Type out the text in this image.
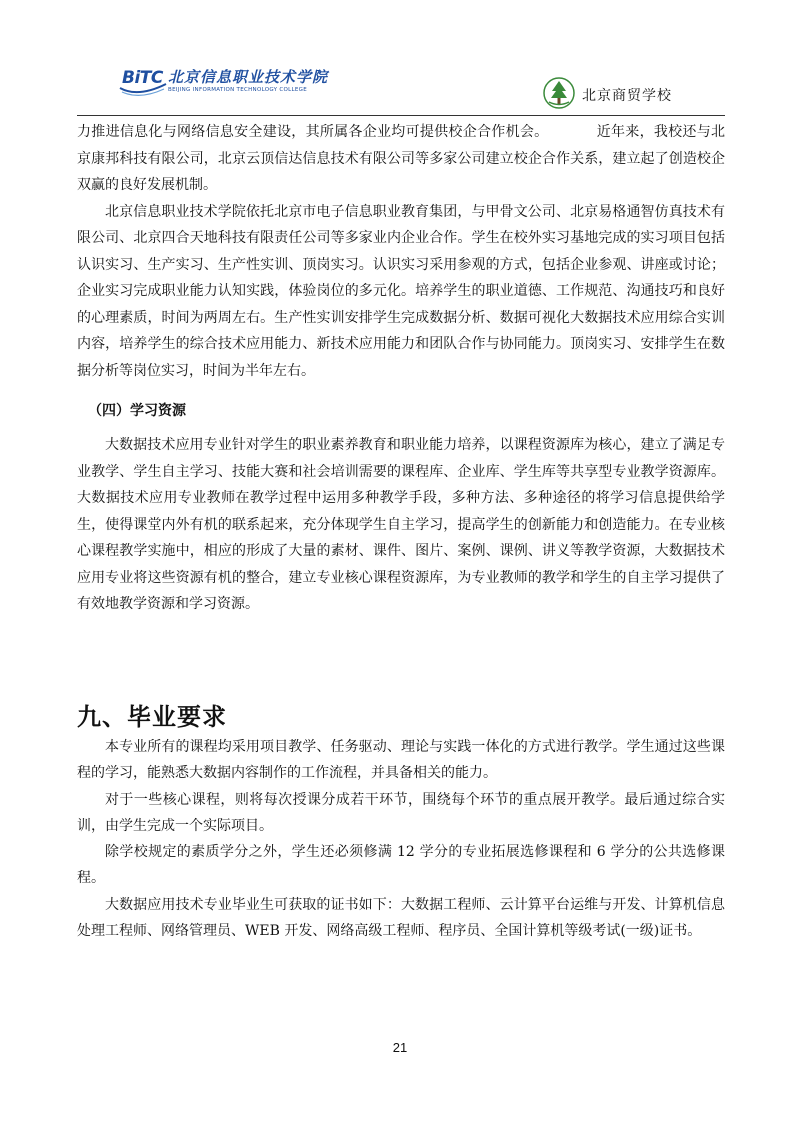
BiTC 北京信息职业技术学院
BEIJING INFORMATION TECHNOLOGY COLLEGE	北京商贸学校

力推进信息化与网络信息安全建设，其所属各企业均可提供校企合作机会。	近年来，我校还与北京康邦科技有限公司，北京云顶信达信息技术有限公司等多家公司建立校企合作关系，建立起了创造校企双赢的良好发展机制。

北京信息职业技术学院依托北京市电子信息职业教育集团，与甲骨文公司、北京易格通智仿真技术有限公司、北京四合天地科技有限责任公司等多家业内企业合作。学生在校外实习基地完成的实习项目包括认识实习、生产实习、生产性实训、顶岗实习。认识实习采用参观的方式，包括企业参观、讲座或讨论；企业实习完成职业能力认知实践，体验岗位的多元化。培养学生的职业道德、工作规范、沟通技巧和良好的心理素质，时间为两周左右。生产性实训安排学生完成数据分析、数据可视化大数据技术应用综合实训内容，培养学生的综合技术应用能力、新技术应用能力和团队合作与协同能力。顶岗实习、安排学生在数据分析等岗位实习，时间为半年左右。

（四）学习资源

大数据技术应用专业针对学生的职业素养教育和职业能力培养，以课程资源库为核心，建立了满足专业教学、学生自主学习、技能大赛和社会培训需要的课程库、企业库、学生库等共享型专业教学资源库。大数据技术应用专业教师在教学过程中运用多种教学手段，多种方法、多种途径的将学习信息提供给学生，使得课堂内外有机的联系起来，充分体现学生自主学习，提高学生的创新能力和创造能力。在专业核心课程教学实施中，相应的形成了大量的素材、课件、图片、案例、课例、讲义等教学资源，大数据技术应用专业将这些资源有机的整合，建立专业核心课程资源库，为专业教师的教学和学生的自主学习提供了有效地教学资源和学习资源。

九、毕业要求

本专业所有的课程均采用项目教学、任务驱动、理论与实践一体化的方式进行教学。学生通过这些课程的学习，能熟悉大数据内容制作的工作流程，并具备相关的能力。

对于一些核心课程，则将每次授课分成若干环节，围绕每个环节的重点展开教学。最后通过综合实训，由学生完成一个实际项目。

除学校规定的素质学分之外，学生还必须修满 12 学分的专业拓展选修课程和 6 学分的公共选修课程。

大数据应用技术专业毕业生可获取的证书如下：大数据工程师、云计算平台运维与开发、计算机信息处理工程师、网络管理员、WEB 开发、网络高级工程师、程序员、全国计算机等级考试(一级)证书。

21
